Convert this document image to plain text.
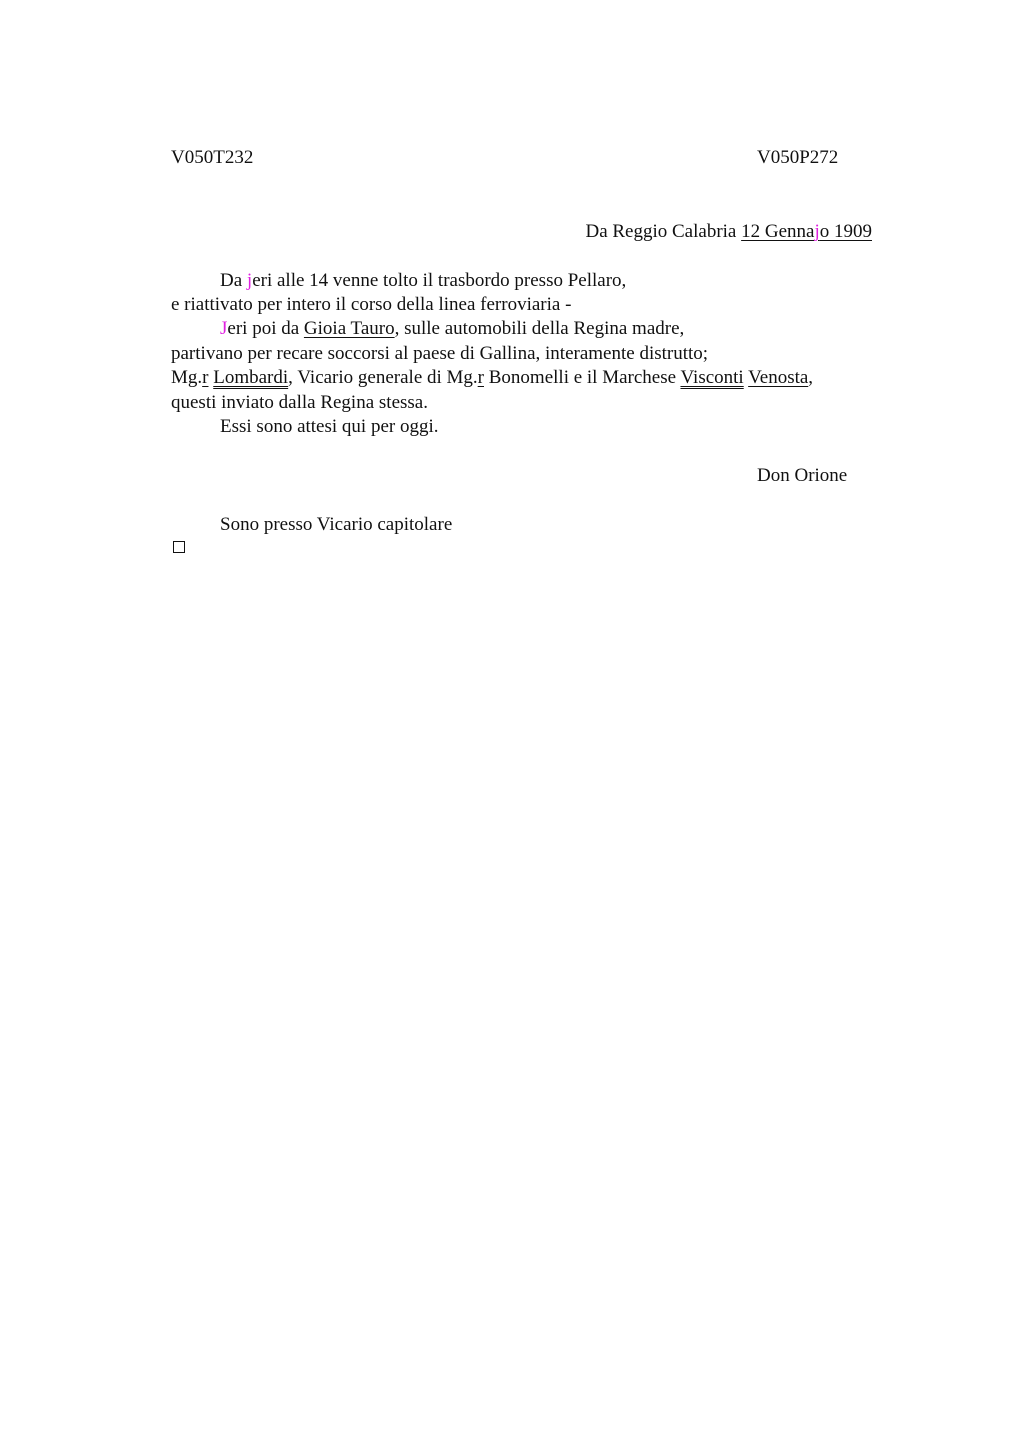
V050T232	V050P272
Da Reggio Calabria 12 Gennajo 1909
Da jeri alle 14 venne tolto il trasbordo presso Pellaro,
e riattivato per intero il corso della linea ferroviaria -
Jeri poi da Gioia Tauro, sulle automobili della Regina madre,
partivano per recare soccorsi al paese di Gallina, interamente distrutto;
Mg.r Lombardi, Vicario generale di Mg.r Bonomelli e il Marchese Visconti Venosta,
questi inviato dalla Regina stessa.
Essi sono attesi qui per oggi.
Don Orione
Sono presso Vicario capitolare
